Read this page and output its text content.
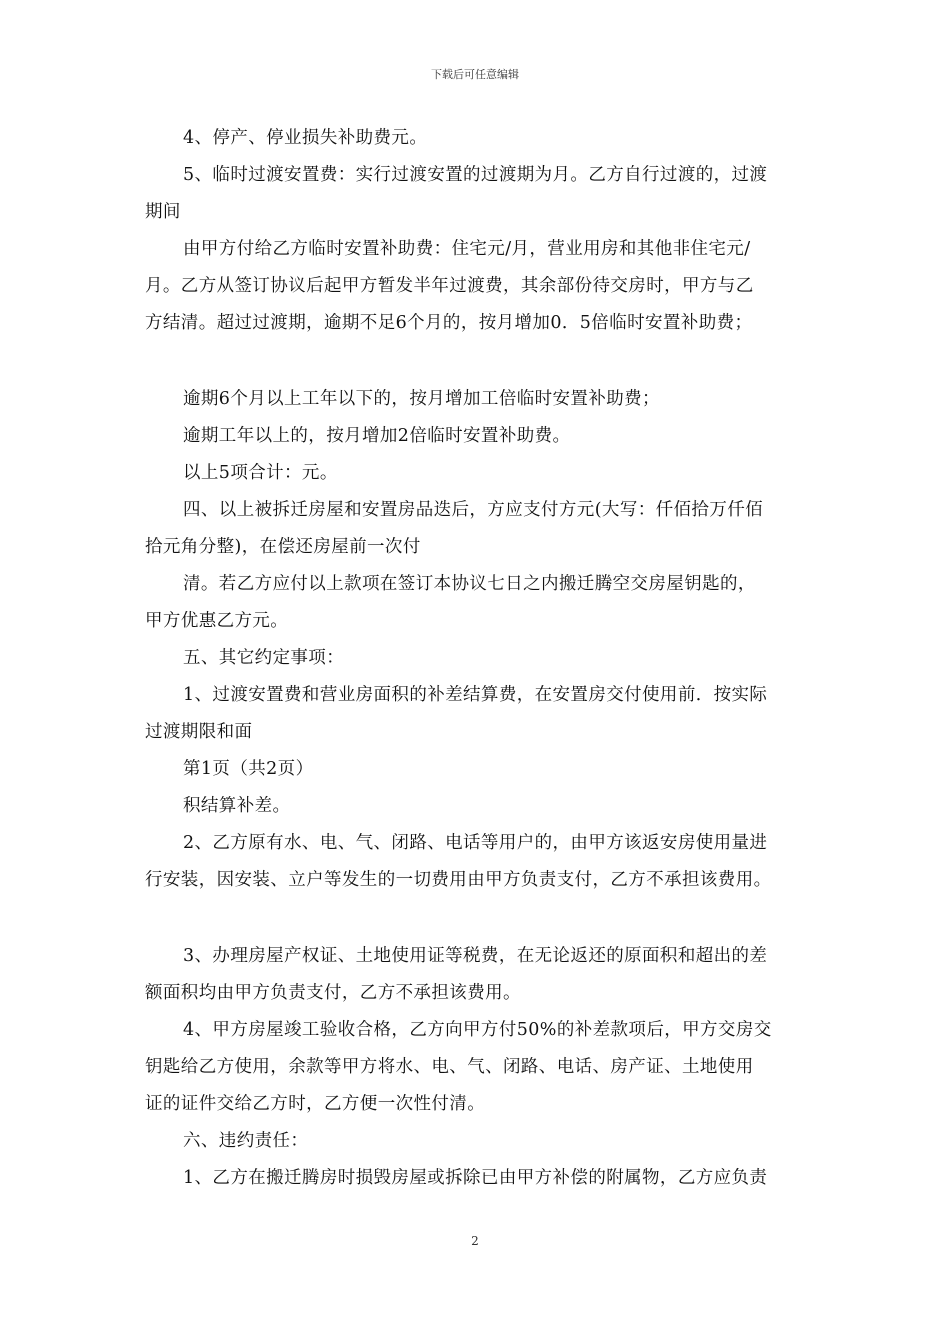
下载后可任意编辑
4、停产、停业损失补助费元。
5、临时过渡安置费：实行过渡安置的过渡期为月。乙方自行过渡的，过渡
期间
由甲方付给乙方临时安置补助费：住宅元/月，营业用房和其他非住宅元/
月。乙方从签订协议后起甲方暂发半年过渡费，其余部份待交房时，甲方与乙
方结清。超过过渡期，逾期不足6个月的，按月增加0．5倍临时安置补助费；
逾期6个月以上工年以下的，按月增加工倍临时安置补助费；
逾期工年以上的，按月增加2倍临时安置补助费。
以上5项合计：元。
四、以上被拆迁房屋和安置房品迭后，方应支付方元(大写：仟佰拾万仟佰
拾元角分整)，在偿还房屋前一次付
清。若乙方应付以上款项在签订本协议七日之内搬迁腾空交房屋钥匙的，
甲方优惠乙方元。
五、其它约定事项：
1、过渡安置费和营业房面积的补差结算费，在安置房交付使用前．按实际
过渡期限和面
第1页（共2页）
积结算补差。
2、乙方原有水、电、气、闭路、电话等用户的，由甲方该返安房使用量进
行安装，因安装、立户等发生的一切费用由甲方负责支付，乙方不承担该费用。
3、办理房屋产权证、土地使用证等税费，在无论返还的原面积和超出的差
额面积均由甲方负责支付，乙方不承担该费用。
4、甲方房屋竣工验收合格，乙方向甲方付50%的补差款项后，甲方交房交
钥匙给乙方使用，余款等甲方将水、电、气、闭路、电话、房产证、土地使用
证的证件交给乙方时，乙方便一次性付清。
六、违约责任：
1、乙方在搬迁腾房时损毁房屋或拆除已由甲方补偿的附属物，乙方应负责
2
